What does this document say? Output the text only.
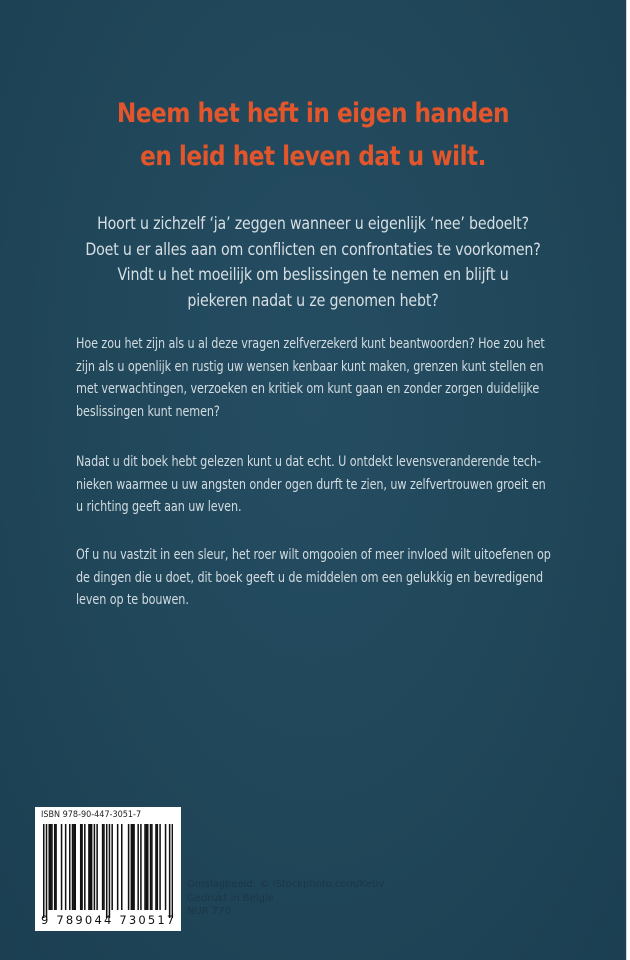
Neem het heft in eigen handen
en leid het leven dat u wilt.
Hoort u zichzelf ‘ja’ zeggen wanneer u eigenlijk ‘nee’ bedoelt?
Doet u er alles aan om conflicten en confrontaties te voorkomen?
Vindt u het moeilijk om beslissingen te nemen en blijft u
piekeren nadat u ze genomen hebt?
Hoe zou het zijn als u al deze vragen zelfverzekerd kunt beantwoorden? Hoe zou het
zijn als u openlijk en rustig uw wensen kenbaar kunt maken, grenzen kunt stellen en
met verwachtingen, verzoeken en kritiek om kunt gaan en zonder zorgen duidelijke
beslissingen kunt nemen?
Nadat u dit boek hebt gelezen kunt u dat echt. U ontdekt levensveranderende tech-
nieken waarmee u uw angsten onder ogen durft te zien, uw zelfvertrouwen groeit en
u richting geeft aan uw leven.
Of u nu vastzit in een sleur, het roer wilt omgooien of meer invloed wilt uitoefenen op
de dingen die u doet, dit boek geeft u de middelen om een gelukkig en bevredigend
leven op te bouwen.
ISBN 978-90-447-3051-7
9 789044 730517
Omslagbeeld: © iStockphoto.com/Ketiv
Gedrukt in België
NUR 770
